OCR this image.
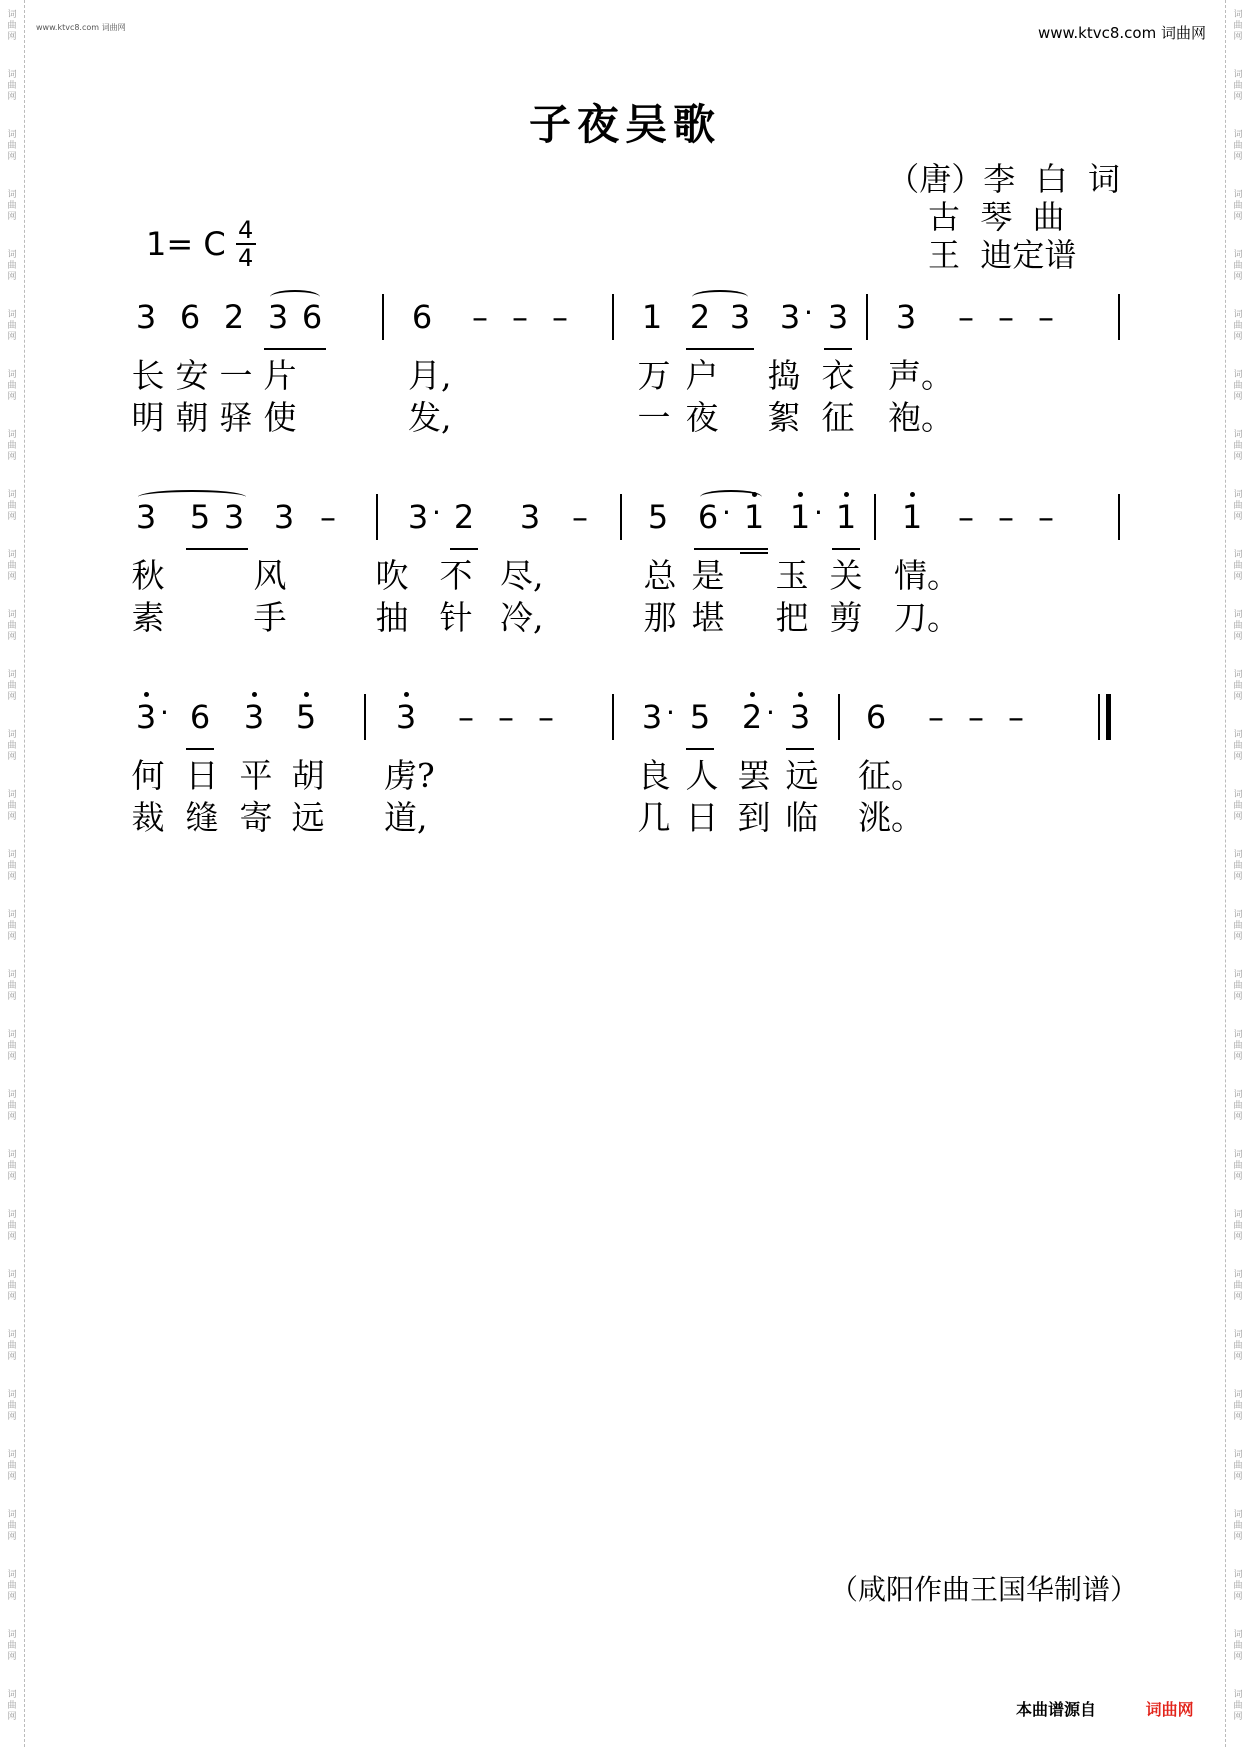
词
曲
网
词
曲
网
词
曲
网
词
曲
网
词
曲
网
词
曲
网
词
曲
网
词
曲
网
词
曲
网
词
曲
网
词
曲
网
词
曲
网
词
曲
网
词
曲
网
词
曲
网
词
曲
网
词
曲
网
词
曲
网
词
曲
网
词
曲
网
词
曲
网
词
曲
网
词
曲
网
词
曲
网
词
曲
网
词
曲
网
词
曲
网
词
曲
网
词
曲
网
词
曲
网
词
曲
网
词
曲
网
词
曲
网
词
曲
网
词
曲
网
词
曲
网
词
曲
网
词
曲
网
词
曲
网
词
曲
网
词
曲
网
词
曲
网
词
曲
网
词
曲
网
词
曲
网
词
曲
网
词
曲
网
词
曲
网
词
曲
网
词
曲
网
词
曲
网
词
曲
网
词
曲
网
词
曲
网
词
曲
网
词
曲
网
词
曲
网
词
曲
网
www.ktvc8.com 词曲网	www.ktvc8.com 词曲网
子夜吴歌
（唐）李  白  词
古  琴  曲
王  迪定谱
1= C 4
4
3 6 2 3 6	6 – – – 1 2 3 3 · 3 3 – – –
长 安 一 片	月,	万 户 捣 衣 声。
明 朝 驿 使	发,	一 夜 絮 征 袍。
3 5 3 3 – 3 · 2 3 – 5 6 · 1 1 · 1 1 – – –
秋	风	吹 不 尽,	总 是 玉 关 情。
素	手	抽 针 冷,	那 堪 把 剪 刀。
3 · 6 3 5 3 – – –	3 · 5 2 · 3 6 – – –
何 日 平 胡 虏?	良 人 罢 远 征。
裁 缝 寄 远 道,	几 日 到 临 洮。
（咸阳作曲王国华制谱）
本曲谱源自	词曲网
